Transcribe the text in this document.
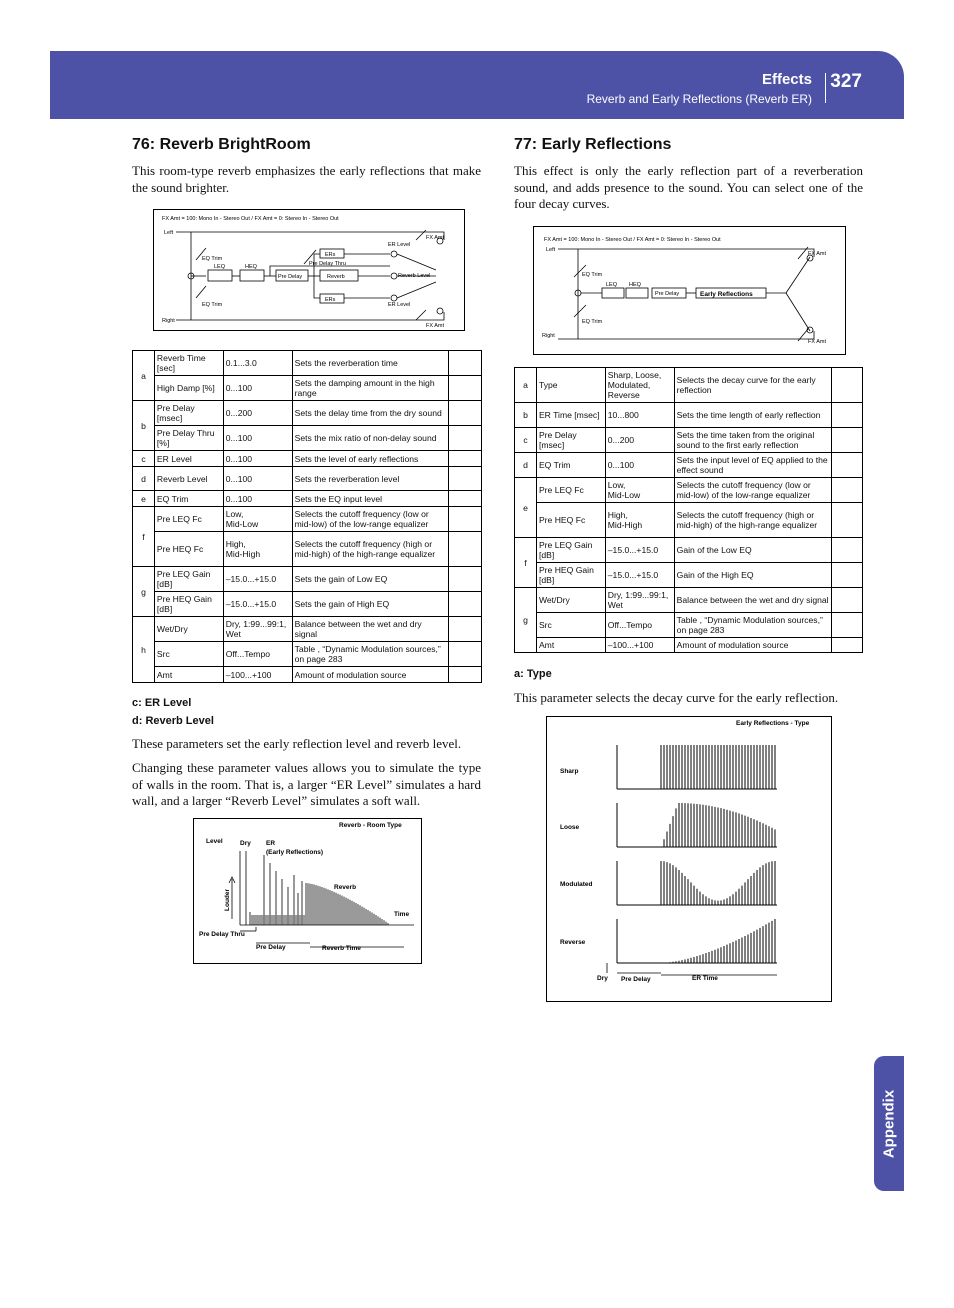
Effects
Reverb and Early Reflections (Reverb ER)
327
Appendix
76: Reverb BrightRoom

This room-type reverb emphasizes the early reflections that make the sound brighter.

FX Amt = 100: Mono In - Stereo Out / FX Amt = 0: Stereo In - Stereo Out
Left
Right
FX Amt
FX Amt
EQ Trim
EQ Trim
LEQ	HEQ
Pre Delay
Pre Delay Thru
Reverb
ERs
ERs
ER Level
Reverb Level
ER Level
a	Reverb Time [sec]	0.1...3.0	Sets the reverberation time	
	High Damp [%]	0...100	Sets the damping amount in the high range	
b	Pre Delay [msec]	0...200	Sets the delay time from the dry sound	
	Pre Delay Thru [%]	0...100	Sets the mix ratio of non-delay sound	
c	ER Level	0...100	Sets the level of early reflections	
d	Reverb Level	0...100	Sets the reverberation level	
e	EQ Trim	0...100	Sets the EQ input level	
f	Pre LEQ Fc	Low,
Mid-Low	Selects the cutoff frequency (low or mid-low) of the low-range equalizer	
	Pre HEQ Fc	High,
Mid-High	Selects the cutoff frequency (high or mid-high) of the high-range equalizer	
g	Pre LEQ Gain [dB]	–15.0...+15.0	Sets the gain of Low EQ	
	Pre HEQ Gain [dB]	–15.0...+15.0	Sets the gain of High EQ	
h	Wet/Dry	Dry, 1:99...99:1, Wet	Balance between the wet and dry signal	
	Src	Off...Tempo	Table , “Dynamic Modulation sources,” on page 283	
	Amt	–100...+100	Amount of modulation source	
c: ER Level
d: Reverb Level

These parameters set the early reflection level and reverb level.

Changing these parameter values allows you to simulate the type of walls in the room. That is, a larger “ER Level” simulates a hard wall, and a larger “Reverb Level” simulates a soft wall.

Reverb - Room Type
Level	Dry ER
(Early Reflections)
Reverb
Time
Pre Delay Thru
Pre Delay	Reverb Time
Louder
77: Early Reflections

This effect is only the early reflection part of a reverberation sound, and adds presence to the sound. You can select one of the four decay curves.

FX Amt = 100: Mono In - Stereo Out / FX Amt = 0: Stereo In - Stereo Out
Left
Right
FX Amt
FX Amt
EQ Trim
EQ Trim
LEQ HEQ
Pre Delay	Early Reflections
a	Type	Sharp, Loose, Modulated, Reverse	Selects the decay curve for the early reflection	
b	ER Time [msec]	10...800	Sets the time length of early reflection	
c	Pre Delay [msec]	0...200	Sets the time taken from the original sound to the first early reflection	
d	EQ Trim	0...100	Sets the input level of EQ applied to the effect sound	
e	Pre LEQ Fc	Low,
Mid-Low	Selects the cutoff frequency (low or mid-low) of the low-range equalizer	
	Pre HEQ Fc	High,
Mid-High	Selects the cutoff frequency (high or mid-high) of the high-range equalizer	
f	Pre LEQ Gain [dB]	–15.0...+15.0	Gain of the Low EQ	
	Pre HEQ Gain [dB]	–15.0...+15.0	Gain of the High EQ	
g	Wet/Dry	Dry, 1:99...99:1, Wet	Balance between the wet and dry signal	
	Src	Off...Tempo	Table , “Dynamic Modulation sources,” on page 283	
	Amt	–100...+100	Amount of modulation source	
a: Type

This parameter selects the decay curve for the early reflection.

Early Reflections - Type
Sharp
Loose
Modulated
Reverse
Dry Pre Delay	ER Time
